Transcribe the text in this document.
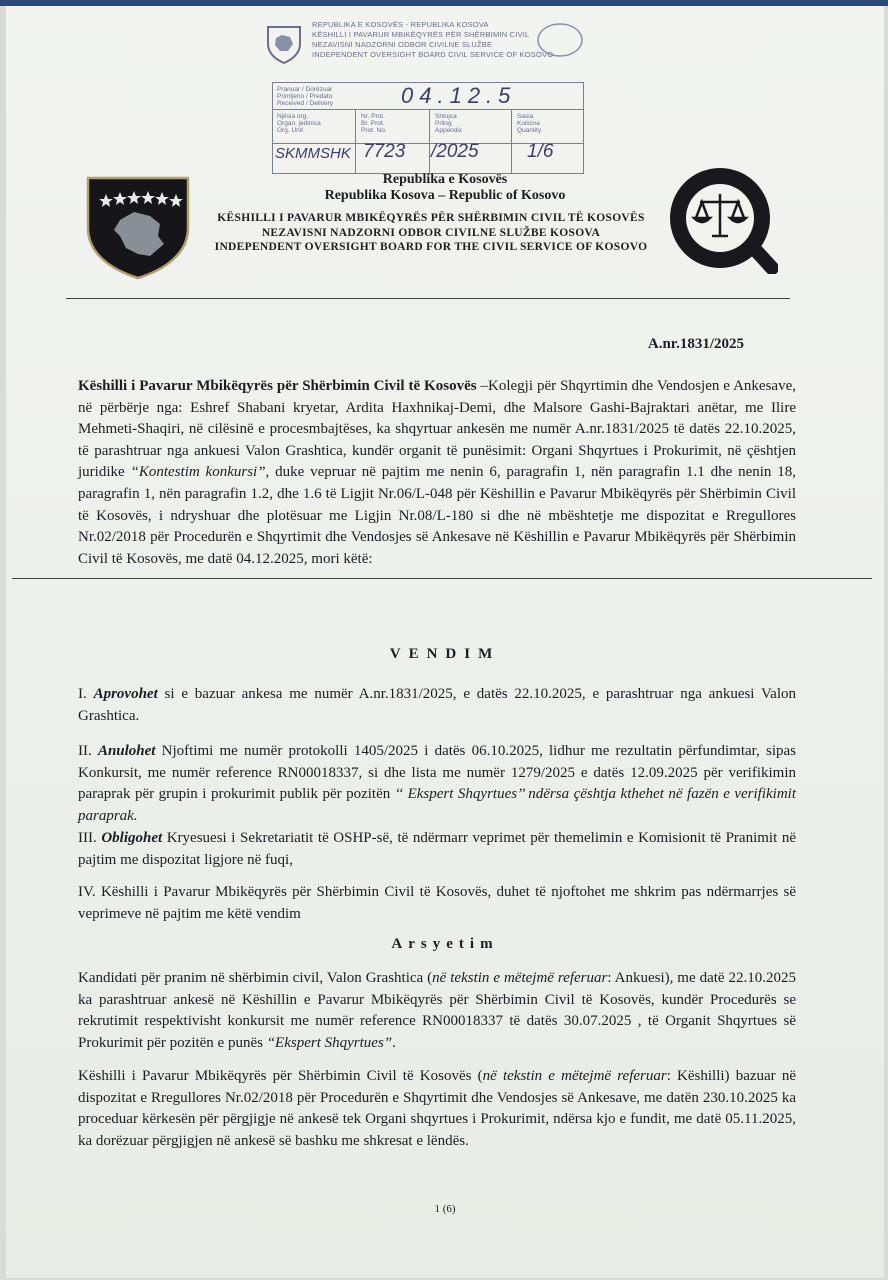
REPUBLIKA E KOSOVËS - REPUBLIKA KOSOVA
KËSHILLI I PAVARUR MBIKËQYRËS PËR SHËRBIMIN CIVIL
NEZAVISNI NADZORNI ODBOR CIVILNE SLUŽBE
INDEPENDENT OVERSIGHT BOARD CIVIL SERVICE OF KOSOVO
Pranuar / Dorëzuar
Primljeno / Predato
Received / Delivery	04.12.5
Njësia org.
Organ. jedinica
Org. Unit
Nr. Prot.
Br. Prot.
Prot. No.
Shtojca
Prilog
Appendix
Sasia
Kolicina
Quantity
SKMMSHK 7723 /2025	1/6
Republika e Kosovës
Republika Kosova – Republic of Kosovo
KËSHILLI I PAVARUR MBIKËQYRËS PËR SHËRBIMIN CIVIL TË KOSOVËS
NEZAVISNI NADZORNI ODBOR CIVILNE SLUŽBE KOSOVA
INDEPENDENT OVERSIGHT BOARD FOR THE CIVIL SERVICE OF KOSOVO
A.nr.1831/2025
Këshilli i Pavarur Mbikëqyrës për Shërbimin Civil të Kosovës –Kolegji për Shqyrtimin dhe Vendosjen e Ankesave, në përbërje nga: Eshref Shabani kryetar, Ardita Haxhnikaj-Demi, dhe Malsore Gashi-Bajraktari anëtar, me Ilire Mehmeti-Shaqiri, në cilësinë e procesmbajtëses, ka shqyrtuar ankesën me numër A.nr.1831/2025 të datës 22.10.2025, të parashtruar nga ankuesi Valon Grashtica, kundër organit të punësimit: Organi Shqyrtues i Prokurimit, në çështjen juridike “Kontestim konkursi”, duke vepruar në pajtim me nenin 6, paragrafin 1, nën paragrafin 1.1 dhe nenin 18, paragrafin 1, nën paragrafin 1.2, dhe 1.6 të Ligjit Nr.06/L-048 për Këshillin e Pavarur Mbikëqyrës për Shërbimin Civil të Kosovës, i ndryshuar dhe plotësuar me Ligjin Nr.08/L-180 si dhe në mbështetje me dispozitat e Rregullores Nr.02/2018 për Procedurën e Shqyrtimit dhe Vendosjes së Ankesave në Këshillin e Pavarur Mbikëqyrës për Shërbimin Civil të Kosovës, me datë 04.12.2025, mori këtë:
VENDIM
I. Aprovohet si e bazuar ankesa me numër A.nr.1831/2025, e datës 22.10.2025, e parashtruar nga ankuesi Valon Grashtica.
II. Anulohet Njoftimi me numër protokolli 1405/2025 i datës 06.10.2025, lidhur me rezultatin përfundimtar, sipas Konkursit, me numër reference RN00018337, si dhe lista me numër 1279/2025 e datës 12.09.2025 për verifikimin paraprak për grupin i prokurimit publik për pozitën ‘‘ Ekspert Shqyrtues’’ ndërsa çështja kthehet në fazën e verifikimit paraprak.
III. Obligohet Kryesuesi i Sekretariatit të OSHP-së, të ndërmarr veprimet për themelimin e Komisionit të Pranimit në pajtim me dispozitat ligjore në fuqi,
IV. Këshilli i Pavarur Mbikëqyrës për Shërbimin Civil të Kosovës, duhet të njoftohet me shkrim pas ndërmarrjes së veprimeve në pajtim me këtë vendim
Arsyetim
Kandidati për pranim në shërbimin civil, Valon Grashtica (në tekstin e mëtejmë referuar: Ankuesi), me datë 22.10.2025 ka parashtruar ankesë në Këshillin e Pavarur Mbikëqyrës për Shërbimin Civil të Kosovës, kundër Procedurës se rekrutimit respektivisht konkursit me numër reference RN00018337 të datës 30.07.2025 , të Organit Shqyrtues së Prokurimit për pozitën e punës “Ekspert Shqyrtues”.
Këshilli i Pavarur Mbikëqyrës për Shërbimin Civil të Kosovës (në tekstin e mëtejmë referuar: Këshilli) bazuar në dispozitat e Rregullores Nr.02/2018 për Procedurën e Shqyrtimit dhe Vendosjes së Ankesave, me datën 230.10.2025 ka proceduar kërkesën për përgjigje në ankesë tek Organi shqyrtues i Prokurimit, ndërsa kjo e fundit, me datë 05.11.2025, ka dorëzuar përgjigjen në ankesë së bashku me shkresat e lëndës.
1 (6)
